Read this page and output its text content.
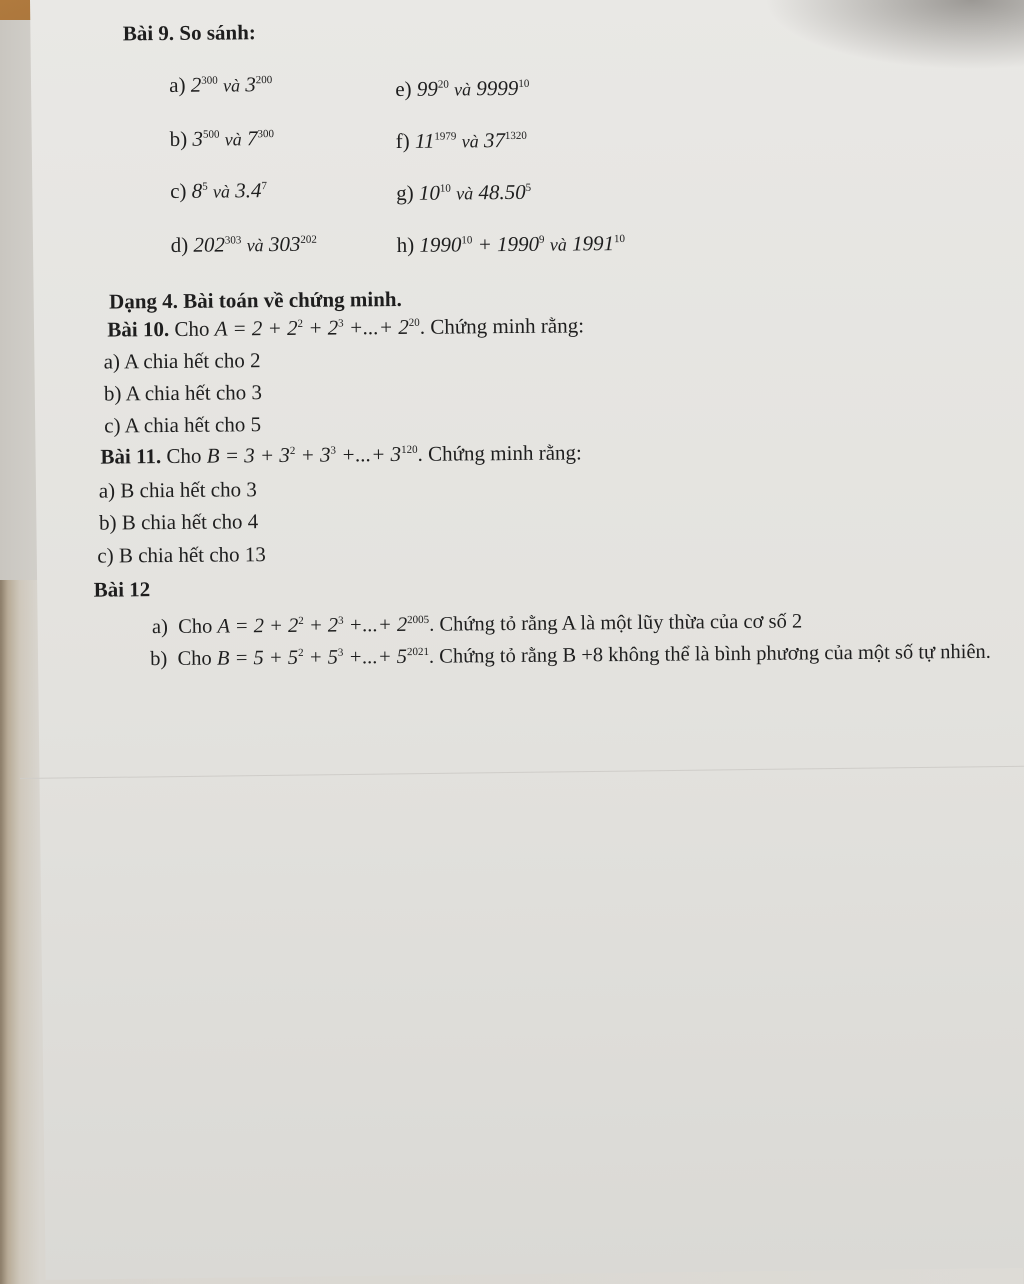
Bài 9. So sánh:
a) $2^{300}$ và $3^{200}$
b) $3^{500}$ và $7^{300}$
c) $8^5$ và $3.4^7$
d) $202^{303}$ và $303^{202}$
e) $99^{20}$ và 9999$^{10}$
f) $11^{1979}$ và $37^{1320}$
g) $10^{10}$ và 48.50$^5$
h) $1990^{10} + 1990^9$ và 1991$^{10}$
Dạng 4. Bài toán về chứng minh.
Bài 10. Cho $A = 2 + 2^2 + 2^3$ +...+ $2^{20}$. Chứng minh rằng:
a) A chia hết cho 2
b) A chia hết cho 3
c) A chia hết cho 5
Bài 11. Cho $B = 3 + 3^2 + 3^3$ +...+ $3^{120}$. Chứng minh rằng:
a) B chia hết cho 3
b) B chia hết cho 4
c) B chia hết cho 13
Bài 12
a) Cho $A = 2 + 2^2 + 2^3$ +...+ $2^{2005}$. Chứng tỏ rằng A là một lũy thừa của cơ số 2
b) Cho $B = 5 + 5^2 + 5^3$ +...+ $5^{2021}$. Chứng tỏ rằng B +8 không thể là bình phương của một số tự nhiên.
